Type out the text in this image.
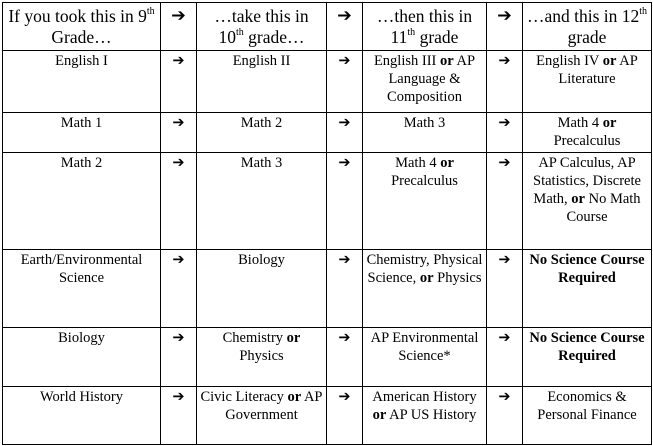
If you took this in 9th Grade…	➔	…take this in 10th grade…	➔	…then this in 11th grade	➔	…and this in 12th grade
English I	➔	English II	➔	English III or AP Language & Composition	➔	English IV or AP Literature
Math 1	➔	Math 2	➔	Math 3	➔	Math 4 or Precalculus
Math 2	➔	Math 3	➔	Math 4 or Precalculus	➔	AP Calculus, AP Statistics, Discrete Math, or No Math Course
Earth/Environmental Science	➔	Biology	➔	Chemistry, Physical Science, or Physics	➔	No Science Course Required
Biology	➔	Chemistry or Physics	➔	AP Environmental Science*	➔	No Science Course Required
World History	➔	Civic Literacy or AP Government	➔	American History or AP US History	➔	Economics & Personal Finance
